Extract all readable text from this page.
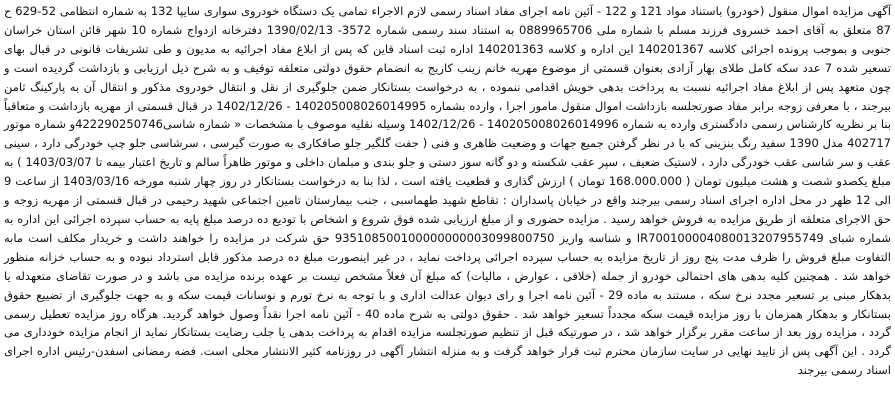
آگهی مزایده اموال منقول (خودرو) باستناد مواد 121 و 122 - آئین نامه اجرای مفاد اسناد رسمی لازم الاجراء تمامی یک دستگاه خودروی سواری سایپا 132 به شماره انتظامی 52-629 ح 87 متعلق به آقای احمد خسروی فرزند مسلم با شماره ملی 0889965706 به استناد سند رسمی شماره 3572- 1390/02/13 دفترخانه ازدواج شماره 10 شهر قائن استان خراسان جنوبی و بموجب پرونده اجرائی کلاسه 140201367 این اداره و کلاسه 140201363 اداره ثبت اسناد قاین که پس از ابلاغ مفاد اجرائیه به مدیون و طی تشریفات قانونی در قبال بهای تسعیر شده 7 عدد سکه کامل طلای بهار آزادی بعنوان قسمتی از موضوع مهریه خانم زینب کاریج به انضمام حقوق دولتی متعلقه توقیف و به شرح ذیل ارزیابی و بازداشت گردیده است و چون متعهد پس از ابلاغ مفاد اجرائیه نسبت به پرداخت بدهی خویش اقدامی ننموده ، به درخواست بستانکار ضمن جلوگیری از نقل و انتقال خودروی مذکور و انتقال آن به پارکینگ ثامن بیرجند ، با معرفی زوجه برابر مفاد صورتجلسه بازداشت اموال منقول مامور اجرا ، وارده بشماره 140205008026014995 - 1402/12/26 در قبال قسمتی از مهریه بازداشت و متعاقباً بنا بر نظریه کارشناس رسمی دادگستری وارده به شماره 140205008026014996 - 1402/12/26 وسیله نقلیه موصوف با مشخصات « شماره شاسی422290250746و شماره موتور 402717 مدل 1390 سفید رنگ بنزینی که با در نظر گرفتن جمیع جهات و وضعیت ظاهری و فنی ( جفت گلگیر جلو صافکاری به صورت گیرسی ، سرشاسی جلو چپ خودرگی دارد ، سینی عقب و سر شاسی عقب خودرگی دارد ، لاستیک ضعیف ، سپر عقب شکسته و دو گانه سوز دستی و جلو بندی و مبلمان داخلی و موتور ظاهراً سالم و تاریخ اعتبار بیمه تا 1403/03/07 ) به مبلغ یکصدو شصت و هشت میلیون تومان ( 168.000.000 تومان ) ارزش گذاری و قطعیت یافته است ، لذا بنا به درخواست بستانکار در روز چهار شنبه مورخه 1403/03/16 از ساعت 9 الی 12 ظهر در محل اداره اجرای اسناد رسمی بیرجند واقع در خیابان پاسداران : تقاطع شهید طهماسبی ، جنب بیمارستان تامین اجتماعی شهید رحیمی در قبال قسمتی از مهریه زوجه و حق الاجرای متعلقه از طریق مزایده به فروش خواهد رسید . مزایده حضوری و از مبلغ ارزیابی شده فوق شروع و اشخاص با تودیع ده درصد مبلغ پایه به حساب سپرده اجرائی این اداره به شماره شبای IR700100004080013207955749 و شناسه واریز 935108500100000000003099800750 حق شرکت در مزایده را خواهند داشت و خریدار مکلف است مابه التفاوت مبلغ فروش را ظرف مدت پنج روز از تاریخ مزایده به حساب سپرده اجرائی پرداخت نماید ، در غیر اینصورت مبلغ ده درصد مذکور قابل استرداد نبوده و به حساب خزانه منظور خواهد شد . همچنین کلیه بدهی های احتمالی خودرو از جمله (خلافی ، عوارض ، مالیات) که مبلغ آن فعلاً مشخص نیست بر عهده برنده مزایده می باشد و در صورت تقاضای متعهدله یا بدهکار مبنی بر تسعیر مجدد نرخ سکه ، مستند به ماده 29 - آئین نامه اجرا و رای دیوان عدالت اداری و با توجه به نرخ تورم و نوسانات قیمت سکه و به جهت جلوگیری از تضییع حقوق بستانکار و بدهکار همزمان با روز مزایده قیمت سکه مجدداً تسعیر خواهد شد . حقوق دولتی به شرح ماده 40 - آئین نامه اجرا نقداً وصول خواهد گردید. هرگاه روز مزایده تعطیل رسمی گردد ، مزایده روز بعد از ساعت مقرر برگزار خواهد شد ، در صورتیکه قبل از تنظیم صورتجلسه مزایده اقدام به پرداخت بدهی یا جلب رضایت بستانکار نماید از انجام مزایده خودداری می گردد . این آگهی پس از تایید نهایی در سایت سازمان محترم ثبت قرار خواهد گرفت و به منزله انتشار آگهی در روزنامه کثیر الانتشار محلی است. فضه رمضانی اسفدن-رئیس اداره اجرای اسناد رسمی بیرجند
